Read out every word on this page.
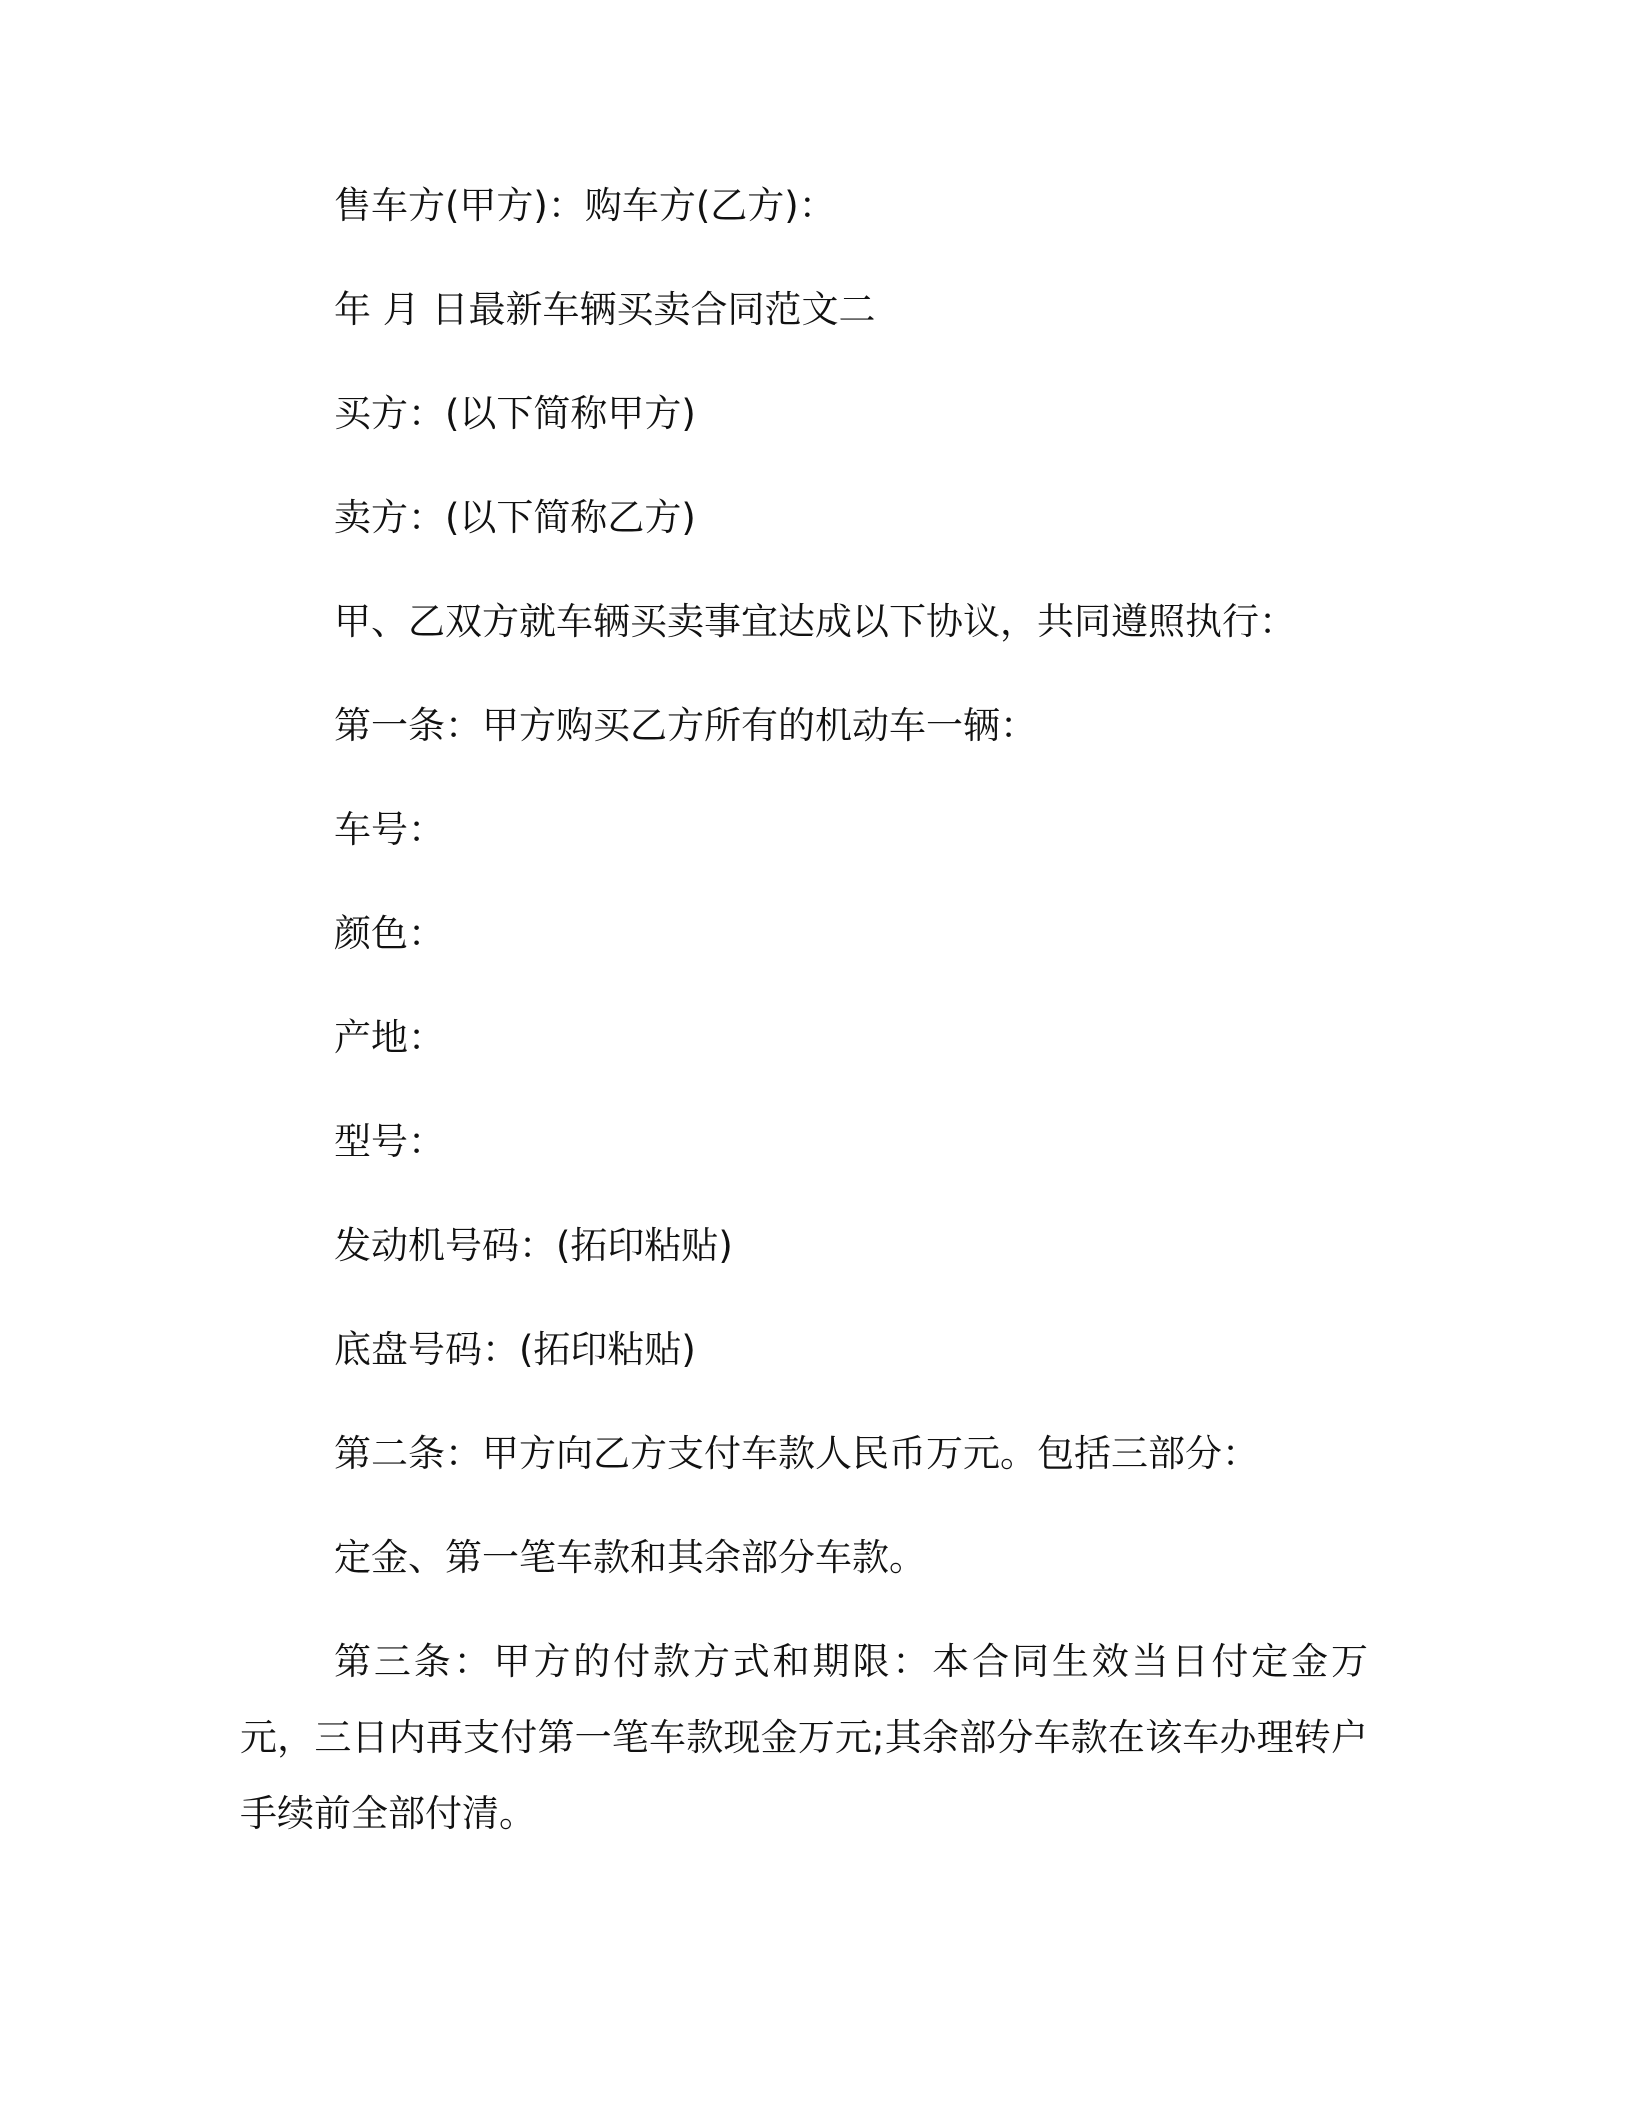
售车方(甲方)：购车方(乙方)：

年 月 日最新车辆买卖合同范文二

买方：(以下简称甲方)

卖方：(以下简称乙方)

甲、乙双方就车辆买卖事宜达成以下协议，共同遵照执行：

第一条：甲方购买乙方所有的机动车一辆：

车号：

颜色：

产地：

型号：

发动机号码：(拓印粘贴)

底盘号码：(拓印粘贴)

第二条：甲方向乙方支付车款人民币万元。包括三部分：

定金、第一笔车款和其余部分车款。

第三条：甲方的付款方式和期限：本合同生效当日付定金万元，三日内再支付第一笔车款现金万元;其余部分车款在该车办理转户手续前全部付清。
